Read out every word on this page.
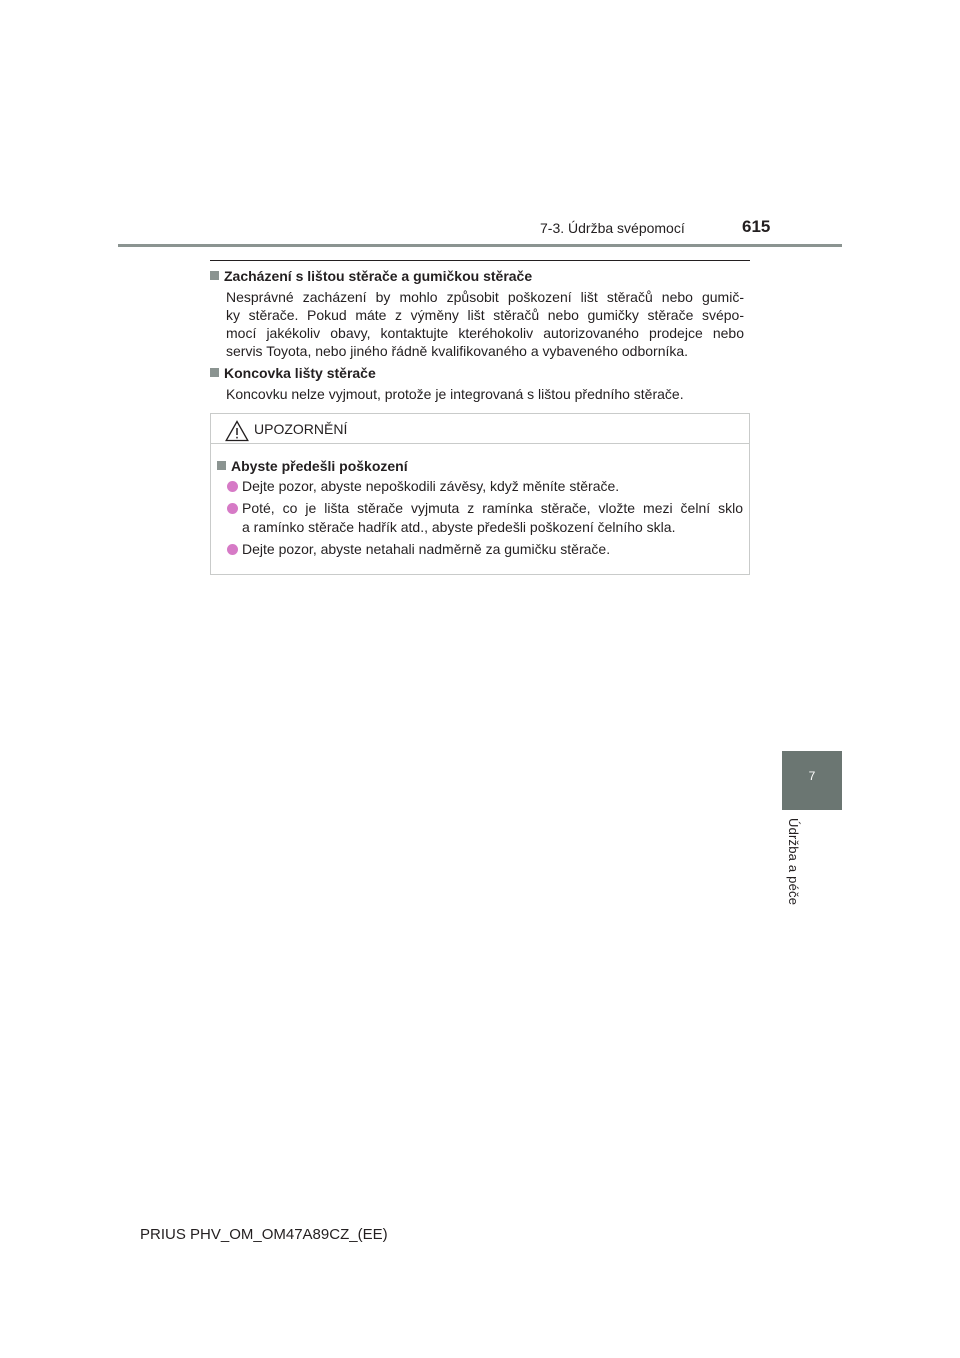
7-3. Údržba svépomocí	615
7
Údržba a péče
Zacházení s lištou stěrače a gumičkou stěrače
Nesprávné zacházení by mohlo způsobit poškození lišt stěračů nebo gumič-
ky stěrače. Pokud máte z výměny lišt stěračů nebo gumičky stěrače svépo-
mocí jakékoliv obavy, kontaktujte kteréhokoliv autorizovaného prodejce nebo
servis Toyota, nebo jiného řádně kvalifikovaného a vybaveného odborníka.
Koncovka lišty stěrače
Koncovku nelze vyjmout, protože je integrovaná s lištou předního stěrače.
UPOZORNĚNÍ
Abyste předešli poškození
Dejte pozor, abyste nepoškodili závěsy, když měníte stěrače.
Poté, co je lišta stěrače vyjmuta z ramínka stěrače, vložte mezi čelní sklo
a ramínko stěrače hadřík atd., abyste předešli poškození čelního skla.
Dejte pozor, abyste netahali nadměrně za gumičku stěrače.
PRIUS PHV_OM_OM47A89CZ_(EE)
